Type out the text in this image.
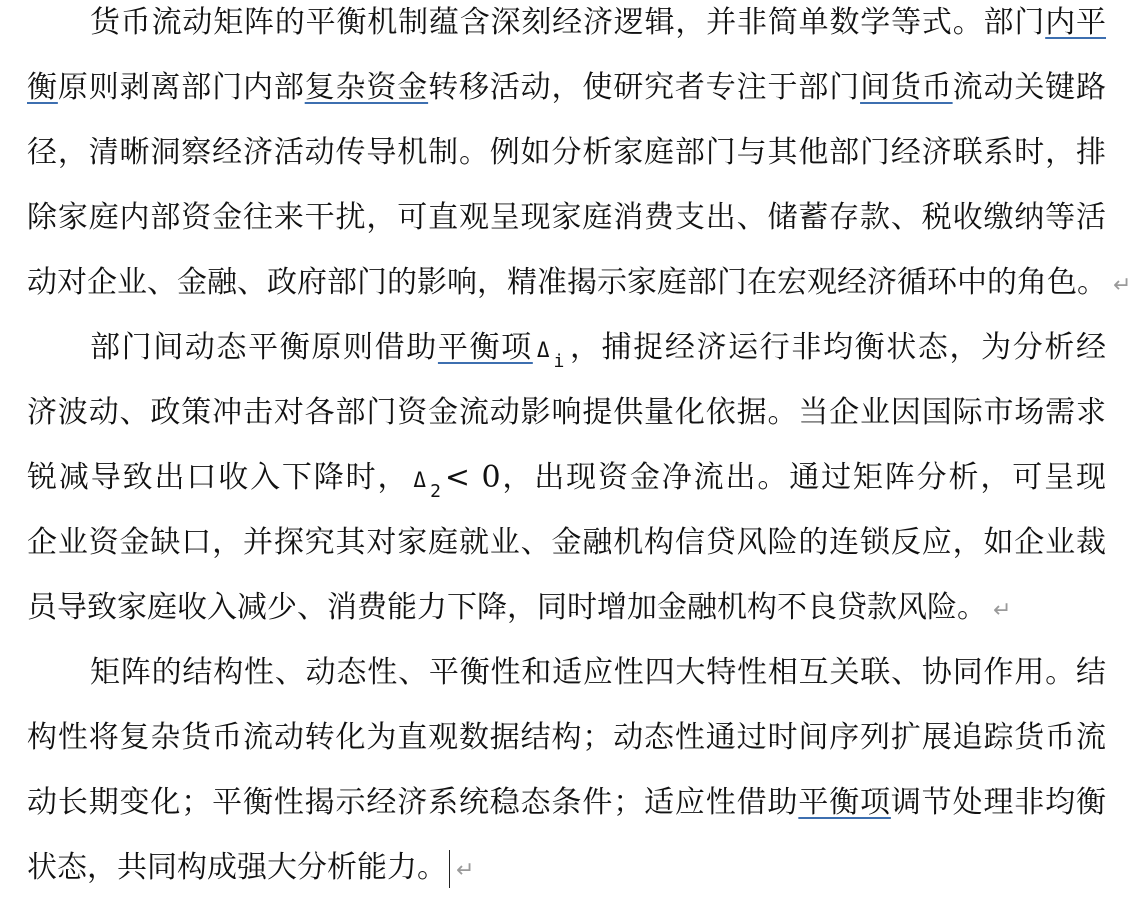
货币流动矩阵的平衡机制蕴含深刻经济逻辑，并非简单数学等式。部门内平
衡原则剥离部门内部复杂资金转移活动，使研究者专注于部门间货币流动关键路
径，清晰洞察经济活动传导机制。例如分析家庭部门与其他部门经济联系时，排
除家庭内部资金往来干扰，可直观呈现家庭消费支出、储蓄存款、税收缴纳等活
动对企业、金融、政府部门的影响，精准揭示家庭部门在宏观经济循环中的角色。 ↵
部门间动态平衡原则借助平衡项 Δ $_i$ ，捕捉经济运行非均衡状态，为分析经
济波动、政策冲击对各部门资金流动影响提供量化依据。当企业因国际市场需求
锐减导致出口收入下降时， Δ $_2$ < 0，出现资金净流出。通过矩阵分析，可呈现
企业资金缺口，并探究其对家庭就业、金融机构信贷风险的连锁反应，如企业裁
员导致家庭收入减少、消费能力下降，同时增加金融机构不良贷款风险。 ↵
矩阵的结构性、动态性、平衡性和适应性四大特性相互关联、协同作用。结
构性将复杂货币流动转化为直观数据结构；动态性通过时间序列扩展追踪货币流
动长期变化；平衡性揭示经济系统稳态条件；适应性借助平衡项调节处理非均衡
状态，共同构成强大分析能力。 ↵
